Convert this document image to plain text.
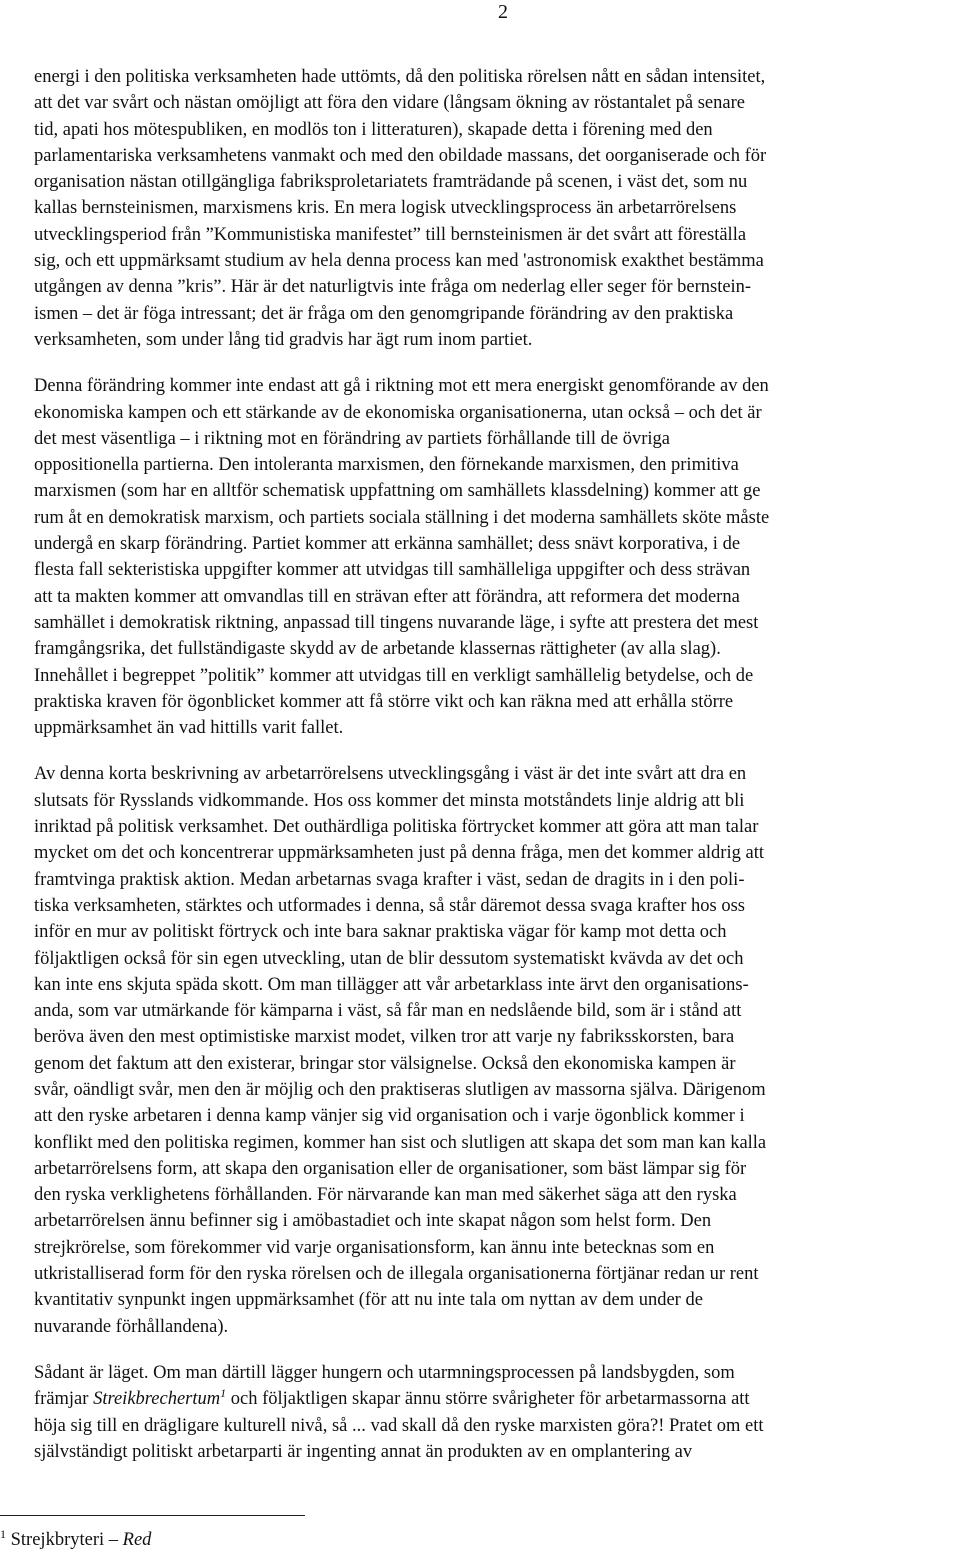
2

energi i den politiska verksamheten hade uttömts, då den politiska rörelsen nått en sådan intensitet,
att det var svårt och nästan omöjligt att föra den vidare (långsam ökning av röstantalet på senare
tid, apati hos mötespubliken, en modlös ton i litteraturen), skapade detta i förening med den
parlamentariska verksamhetens vanmakt och med den obildade massans, det oorganiserade och för
organisation nästan otillgängliga fabriksproletariatets framträdande på scenen, i väst det, som nu
kallas bernsteinismen, marxismens kris. En mera logisk utvecklingsprocess än arbetarrörelsens
utvecklingsperiod från ”Kommunistiska manifestet” till bernsteinismen är det svårt att föreställa
sig, och ett uppmärksamt studium av hela denna process kan med 'astronomisk exakthet bestämma
utgången av denna ”kris”. Här är det naturligtvis inte fråga om nederlag eller seger för bernstein-
ismen – det är föga intressant; det är fråga om den genomgripande förändring av den praktiska
verksamheten, som under lång tid gradvis har ägt rum inom partiet.

Denna förändring kommer inte endast att gå i riktning mot ett mera energiskt genomförande av den
ekonomiska kampen och ett stärkande av de ekonomiska organisationerna, utan också – och det är
det mest väsentliga – i riktning mot en förändring av partiets förhållande till de övriga
oppositionella partierna. Den intoleranta marxismen, den förnekande marxismen, den primitiva
marxismen (som har en alltför schematisk uppfattning om samhällets klassdelning) kommer att ge
rum åt en demokratisk marxism, och partiets sociala ställning i det moderna samhällets sköte måste
undergå en skarp förändring. Partiet kommer att erkänna samhället; dess snävt korporativa, i de
flesta fall sekteristiska uppgifter kommer att utvidgas till samhälleliga uppgifter och dess strävan
att ta makten kommer att omvandlas till en strävan efter att förändra, att reformera det moderna
samhället i demokratisk riktning, anpassad till tingens nuvarande läge, i syfte att prestera det mest
framgångsrika, det fullständigaste skydd av de arbetande klassernas rättigheter (av alla slag).
Innehållet i begreppet ”politik” kommer att utvidgas till en verkligt samhällelig betydelse, och de
praktiska kraven för ögonblicket kommer att få större vikt och kan räkna med att erhålla större
uppmärksamhet än vad hittills varit fallet.

Av denna korta beskrivning av arbetarrörelsens utvecklingsgång i väst är det inte svårt att dra en
slutsats för Rysslands vidkommande. Hos oss kommer det minsta motståndets linje aldrig att bli
inriktad på politisk verksamhet. Det outhärdliga politiska förtrycket kommer att göra att man talar
mycket om det och koncentrerar uppmärksamheten just på denna fråga, men det kommer aldrig att
framtvinga praktisk aktion. Medan arbetarnas svaga krafter i väst, sedan de dragits in i den poli-
tiska verksamheten, stärktes och utformades i denna, så står däremot dessa svaga krafter hos oss
inför en mur av politiskt förtryck och inte bara saknar praktiska vägar för kamp mot detta och
följaktligen också för sin egen utveckling, utan de blir dessutom systematiskt kvävda av det och
kan inte ens skjuta späda skott. Om man tillägger att vår arbetarklass inte ärvt den organisations-
anda, som var utmärkande för kämparna i väst, så får man en nedslående bild, som är i stånd att
beröva även den mest optimistiske marxist modet, vilken tror att varje ny fabriksskorsten, bara
genom det faktum att den existerar, bringar stor välsignelse. Också den ekonomiska kampen är
svår, oändligt svår, men den är möjlig och den praktiseras slutligen av massorna själva. Därigenom
att den ryske arbetaren i denna kamp vänjer sig vid organisation och i varje ögonblick kommer i
konflikt med den politiska regimen, kommer han sist och slutligen att skapa det som man kan kalla
arbetarrörelsens form, att skapa den organisation eller de organisationer, som bäst lämpar sig för
den ryska verklighetens förhållanden. För närvarande kan man med säkerhet säga att den ryska
arbetarrörelsen ännu befinner sig i amöbastadiet och inte skapat någon som helst form. Den
strejkrörelse, som förekommer vid varje organisationsform, kan ännu inte betecknas som en
utkristalliserad form för den ryska rörelsen och de illegala organisationerna förtjänar redan ur rent
kvantitativ synpunkt ingen uppmärksamhet (för att nu inte tala om nyttan av dem under de
nuvarande förhållandena).

Sådant är läget. Om man därtill lägger hungern och utarmningsprocessen på landsbygden, som
främjar Streikbrechertum$^1$ och följaktligen skapar ännu större svårigheter för arbetarmassorna att
höja sig till en drägligare kulturell nivå, så ... vad skall då den ryske marxisten göra?! Pratet om ett
självständigt politiskt arbetarparti är ingenting annat än produkten av en omplantering av

$^1$ Strejkbryteri – Red
